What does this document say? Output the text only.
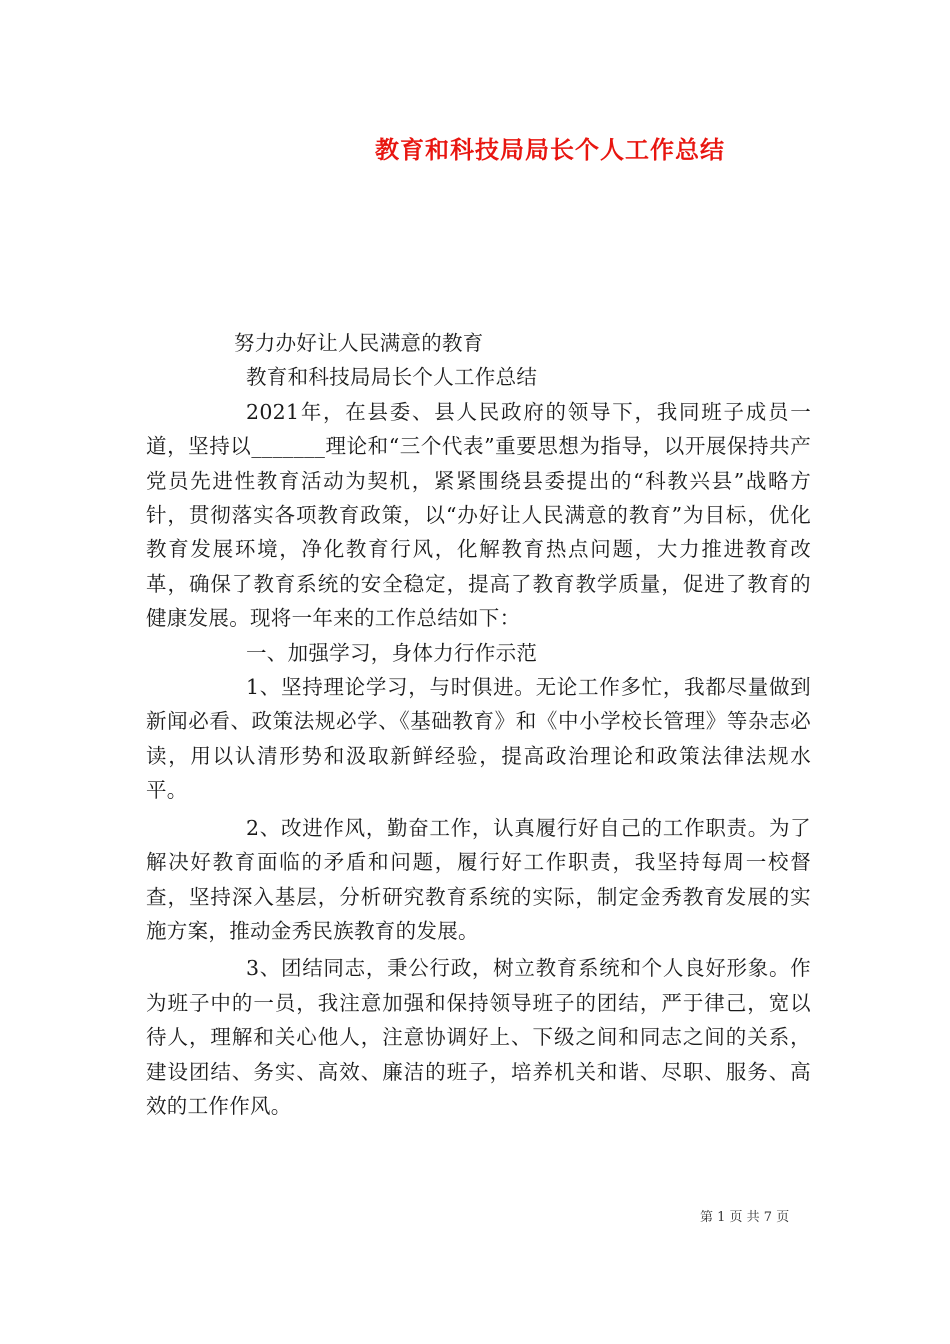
教育和科技局局长个人工作总结

努力办好让人民满意的教育

教育和科技局局长个人工作总结

2021年，在县委、县人民政府的领导下，我同班子成员一道，坚持以_______理论和“三个代表”重要思想为指导，以开展保持共产党员先进性教育活动为契机，紧紧围绕县委提出的“科教兴县”战略方针，贯彻落实各项教育政策，以“办好让人民满意的教育”为目标，优化教育发展环境，净化教育行风，化解教育热点问题，大力推进教育改革，确保了教育系统的安全稳定，提高了教育教学质量，促进了教育的健康发展。现将一年来的工作总结如下：

一、加强学习，身体力行作示范

1、坚持理论学习，与时俱进。无论工作多忙，我都尽量做到新闻必看、政策法规必学、《基础教育》和《中小学校长管理》等杂志必读，用以认清形势和汲取新鲜经验，提高政治理论和政策法律法规水平。

2、改进作风，勤奋工作，认真履行好自己的工作职责。为了解决好教育面临的矛盾和问题，履行好工作职责，我坚持每周一校督查，坚持深入基层，分析研究教育系统的实际，制定金秀教育发展的实施方案，推动金秀民族教育的发展。

3、团结同志，秉公行政，树立教育系统和个人良好形象。作为班子中的一员，我注意加强和保持领导班子的团结，严于律己，宽以待人，理解和关心他人，注意协调好上、下级之间和同志之间的关系，建设团结、务实、高效、廉洁的班子，培养机关和谐、尽职、服务、高效的工作作风。

第 1 页 共 7 页
